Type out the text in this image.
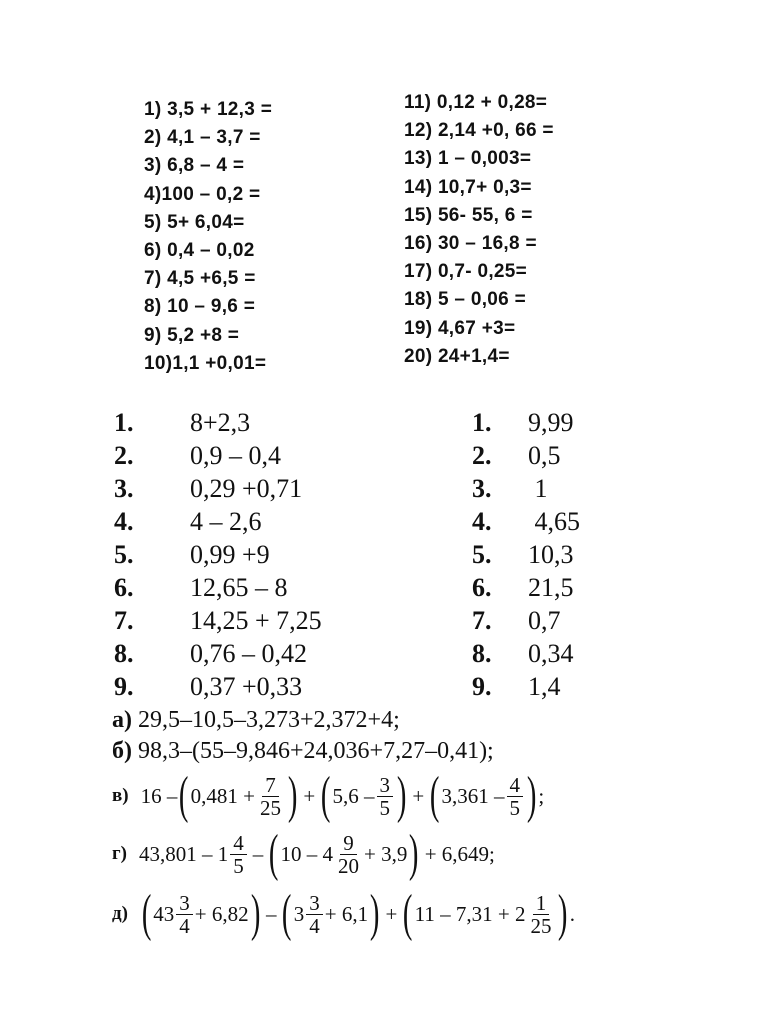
1) 3,5 + 12,3 =
2) 4,1 – 3,7 =
3) 6,8 – 4 =
4)100 – 0,2 =
5) 5+ 6,04=
6) 0,4 – 0,02
7) 4,5 +6,5 =
8) 10 – 9,6 =
9) 5,2 +8 =
10)1,1 +0,01=
11) 0,12 + 0,28=
12) 2,14 +0, 66 =
13) 1 – 0,003=
14) 10,7+ 0,3=
15) 56- 55, 6 =
16) 30 – 16,8 =
17) 0,7- 0,25=
18) 5 – 0,06 =
19) 4,67 +3=
20) 24+1,4=
1. 8+2,3
2. 0,9 – 0,4
3. 0,29 +0,71
4. 4 – 2,6
5. 0,99 +9
6. 12,65 – 8
7. 14,25 + 7,25
8. 0,76 – 0,42
9. 0,37 +0,33
1. 9,99
2. 0,5
3. 1
4. 4,65
5. 10,3
6. 21,5
7. 0,7
8. 0,34
9. 1,4
а) 29,5–10,5–3,273+2,372+4;
б) 98,3–(55–9,846+24,036+7,27–0,41);
в) 16 – ( $0,481 + \frac{7}{25}$ ) + ( $5,6 - \frac{3}{5}$ ) + ( $3,361 - \frac{4}{5}$ ) ;
г) $43,801 - 1 \frac{4}{5}$ – ( $10 - 4 \frac{9}{20} + 3,9$ ) + 6,649;
д) ( $43 \frac{3}{4} + 6,82$ ) – ( $3 \frac{3}{4} + 6,1$ ) + ( $11 - 7,31 + 2 \frac{1}{25}$ ) .
